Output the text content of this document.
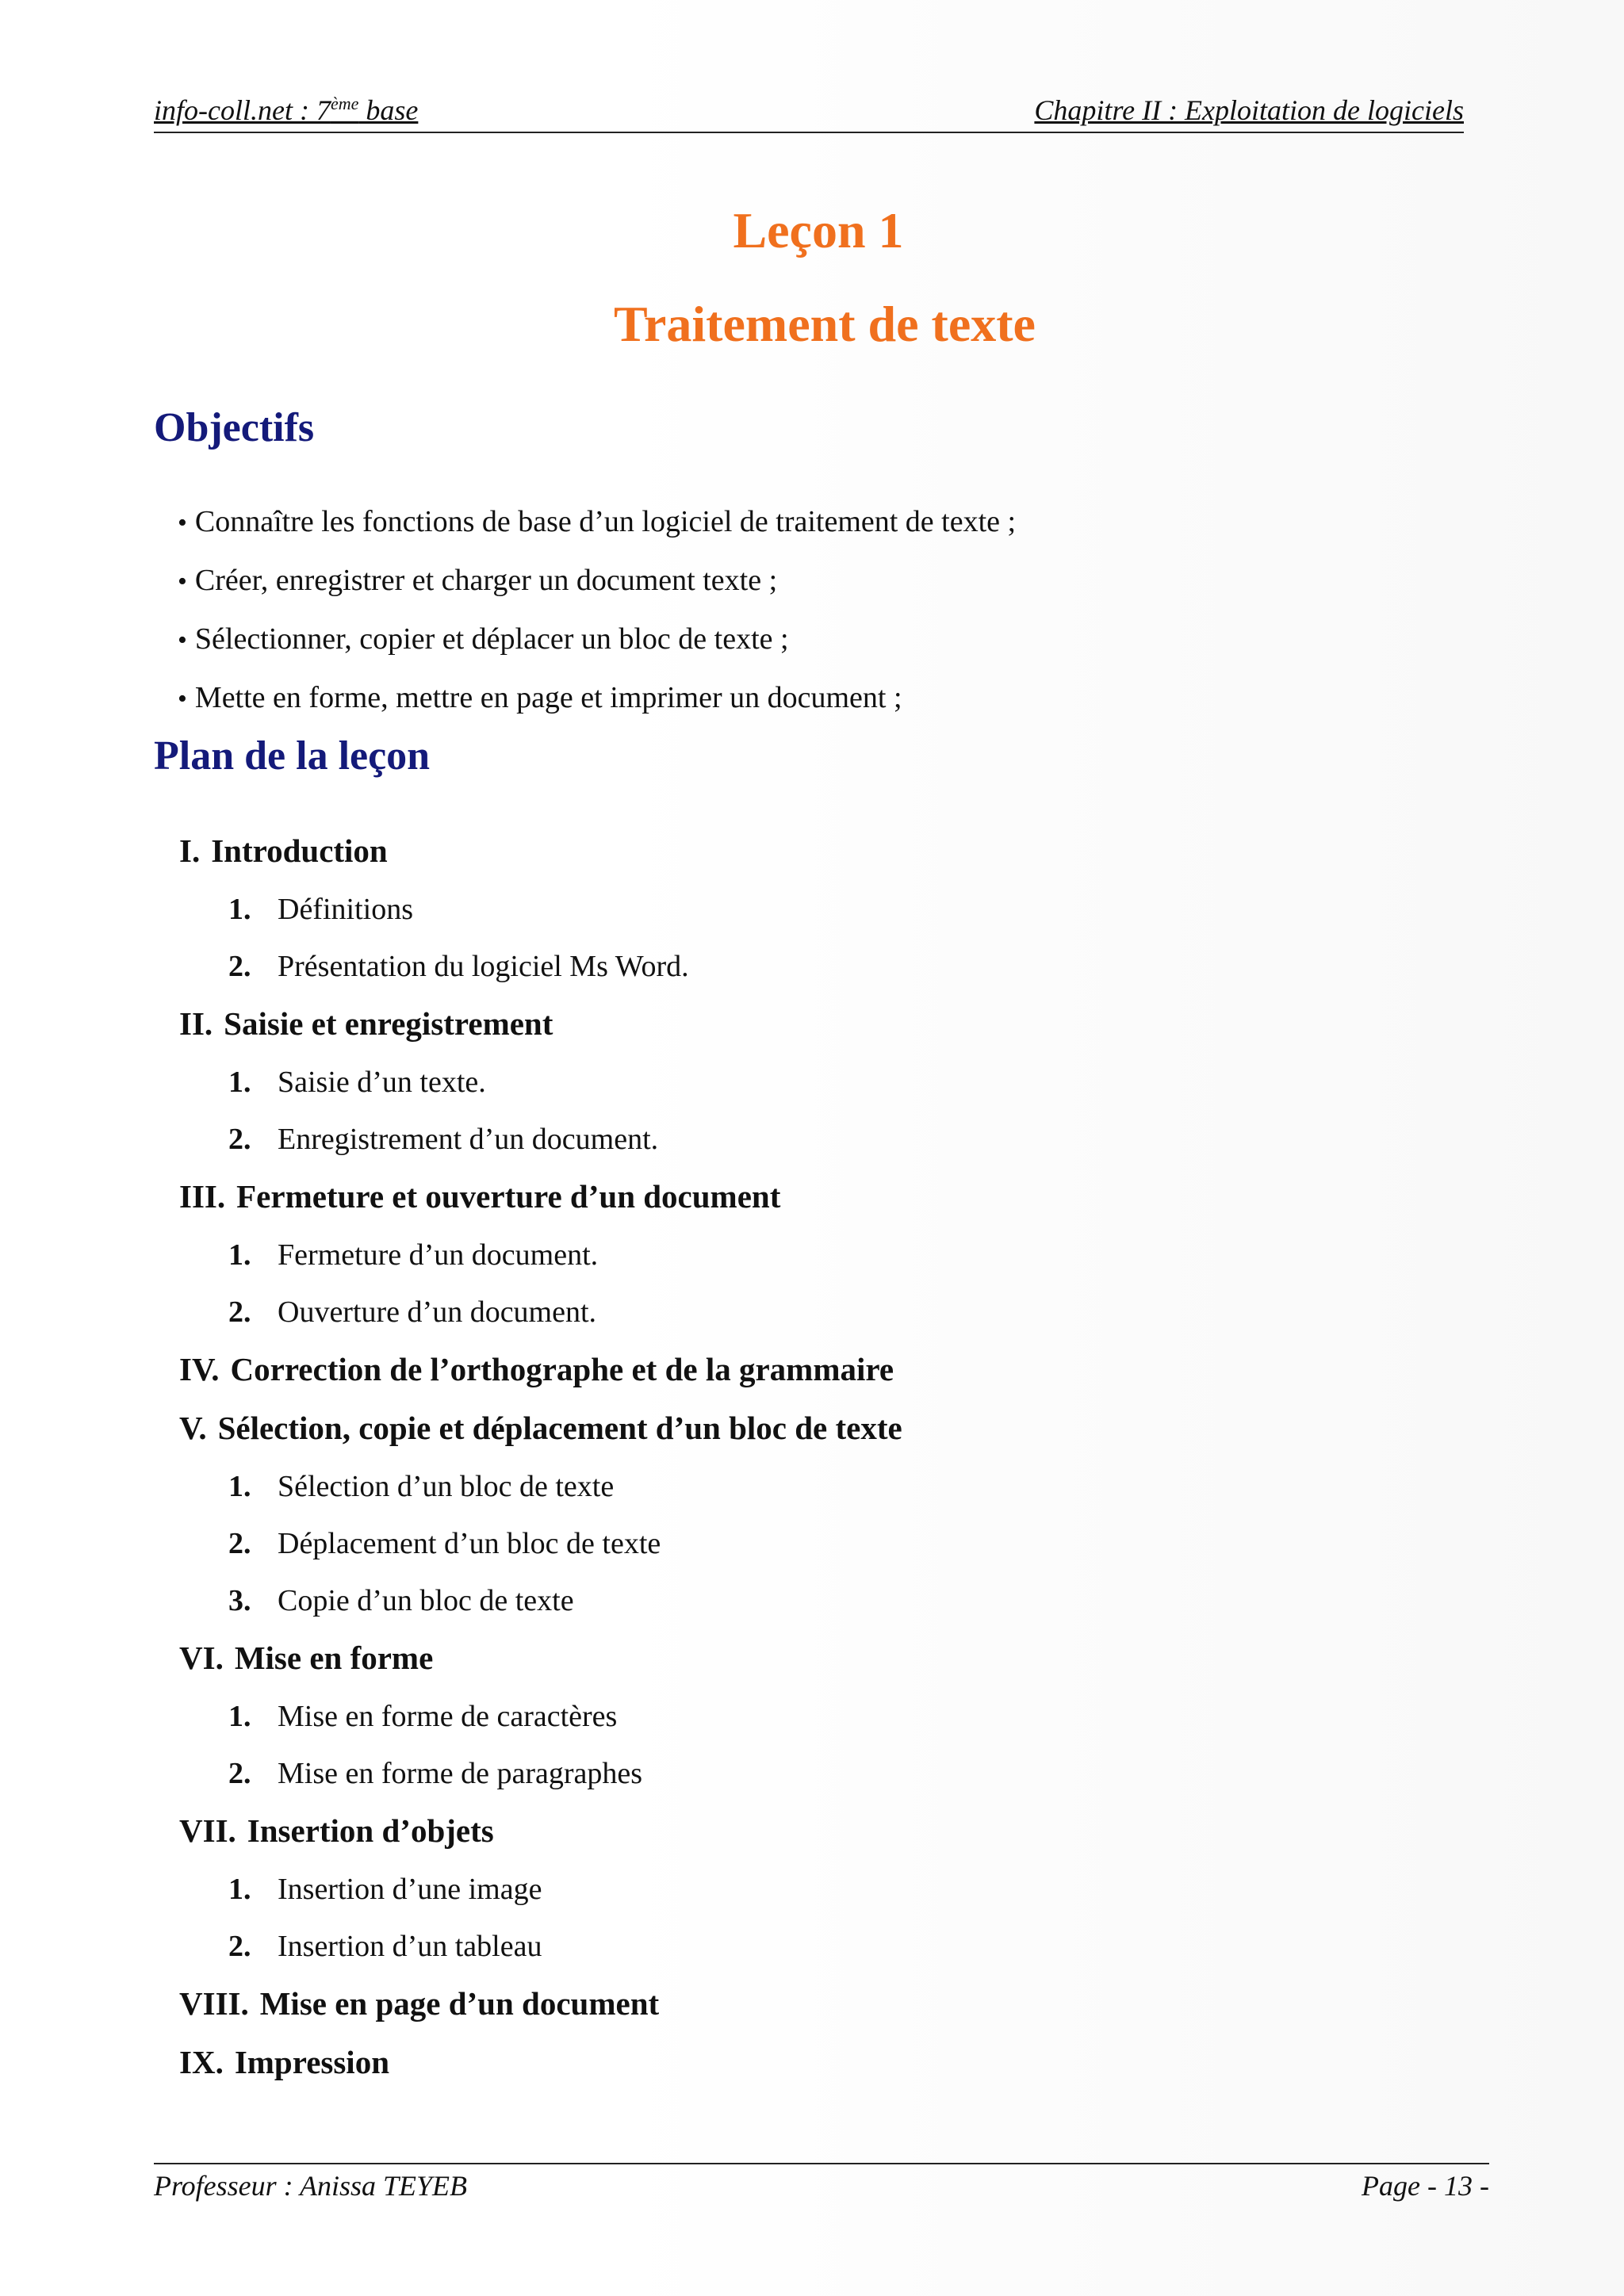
info-coll.net : 7ème base	Chapitre II : Exploitation de logiciels
Leçon 1
Traitement de texte
Objectifs
• Connaître les fonctions de base d’un logiciel de traitement de texte ;
• Créer, enregistrer et charger un document texte ;
• Sélectionner, copier et déplacer un bloc de texte ;
• Mette en forme, mettre en page et imprimer un document ;
Plan de la leçon
I. Introduction
1. Définitions
2. Présentation du logiciel Ms Word.
II. Saisie et enregistrement
1. Saisie d’un texte.
2. Enregistrement d’un document.
III. Fermeture et ouverture d’un document
1. Fermeture d’un document.
2. Ouverture d’un document.
IV. Correction de l’orthographe et de la grammaire
V. Sélection, copie et déplacement d’un bloc de texte
1. Sélection d’un bloc de texte
2. Déplacement d’un bloc de texte
3. Copie d’un bloc de texte
VI. Mise en forme
1. Mise en forme de caractères
2. Mise en forme de paragraphes
VII. Insertion d’objets
1. Insertion d’une image
2. Insertion d’un tableau
VIII. Mise en page d’un document
IX. Impression
Professeur : Anissa TEYEB	Page - 13 -
